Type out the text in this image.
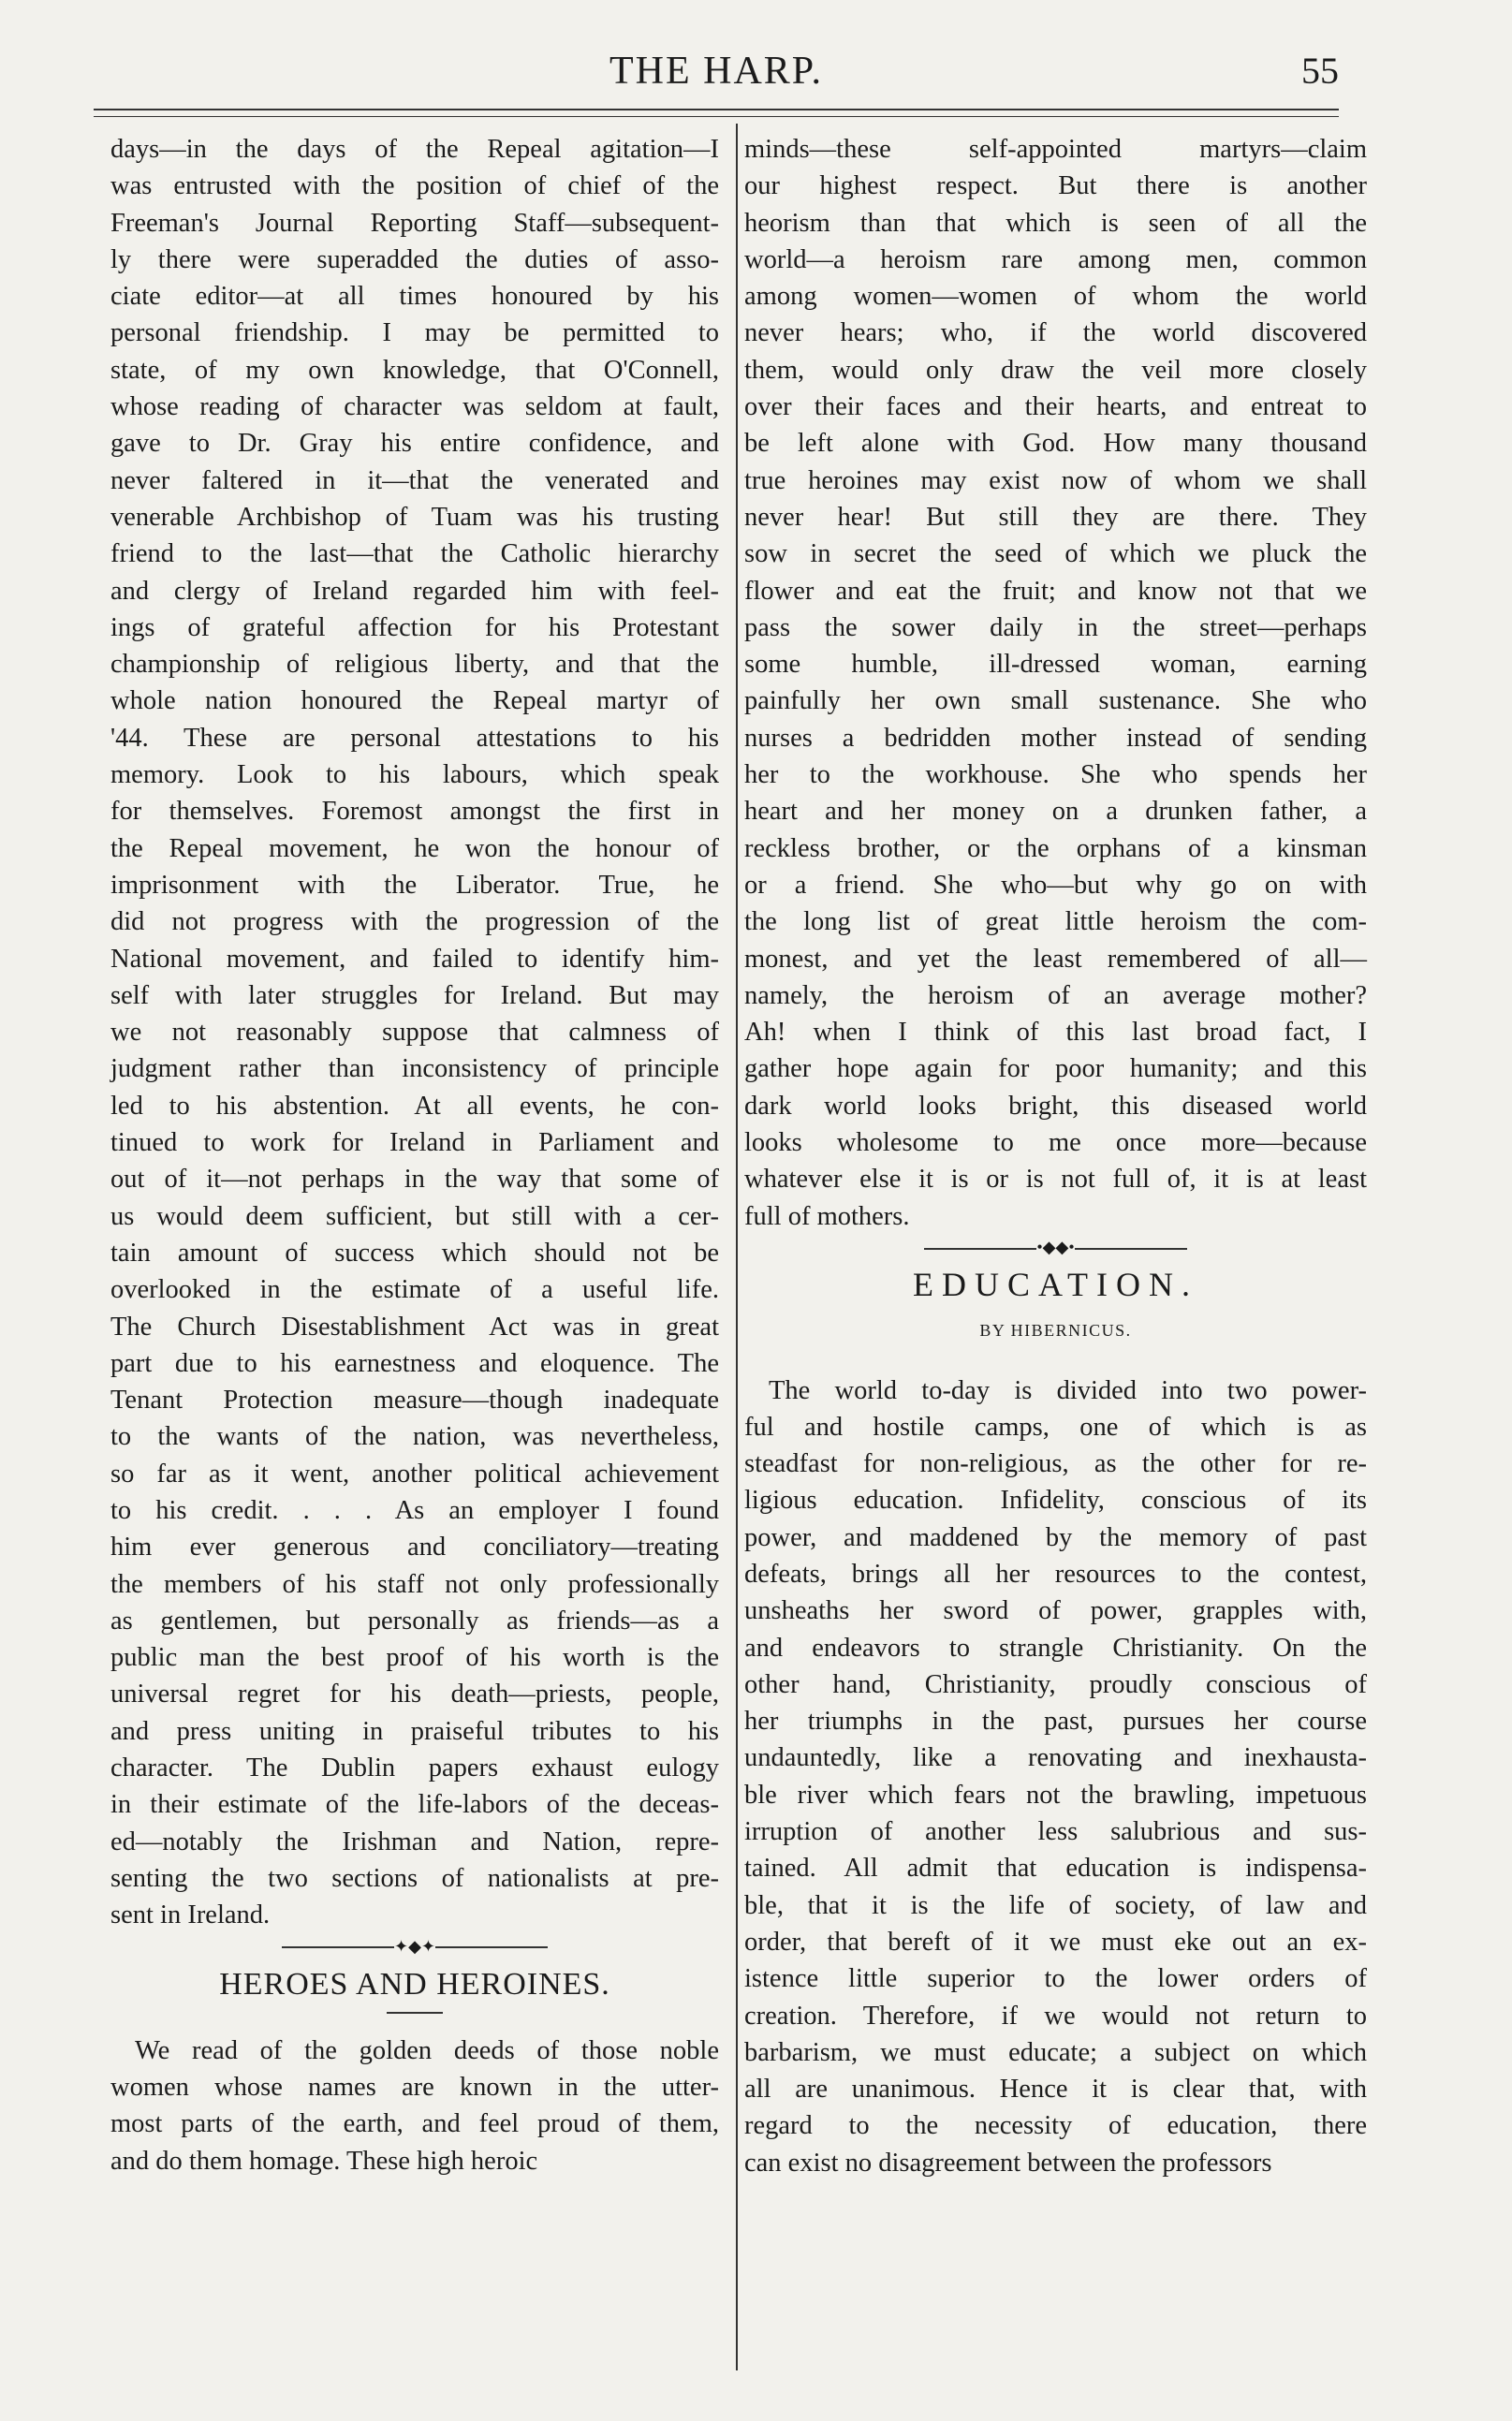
THE HARP.	55
days—in the days of the Repeal agitation—I
was entrusted with the position of chief of the
Freeman's Journal Reporting Staff—subsequent-
ly there were superadded the duties of asso-
ciate editor—at all times honoured by his
personal friendship. I may be permitted to
state, of my own knowledge, that O'Connell,
whose reading of character was seldom at fault,
gave to Dr. Gray his entire confidence, and
never faltered in it—that the venerated and
venerable Archbishop of Tuam was his trusting
friend to the last—that the Catholic hierarchy
and clergy of Ireland regarded him with feel-
ings of grateful affection for his Protestant
championship of religious liberty, and that the
whole nation honoured the Repeal martyr of
'44. These are personal attestations to his
memory. Look to his labours, which speak
for themselves. Foremost amongst the first in
the Repeal movement, he won the honour of
imprisonment with the Liberator. True, he
did not progress with the progression of the
National movement, and failed to identify him-
self with later struggles for Ireland. But may
we not reasonably suppose that calmness of
judgment rather than inconsistency of principle
led to his abstention. At all events, he con-
tinued to work for Ireland in Parliament and
out of it—not perhaps in the way that some of
us would deem sufficient, but still with a cer-
tain amount of success which should not be
overlooked in the estimate of a useful life.
The Church Disestablishment Act was in great
part due to his earnestness and eloquence. The
Tenant Protection measure—though inadequate
to the wants of the nation, was nevertheless,
so far as it went, another political achievement
to his credit. . . . As an employer I found
him ever generous and conciliatory—treating
the members of his staff not only professionally
as gentlemen, but personally as friends—as a
public man the best proof of his worth is the
universal regret for his death—priests, people,
and press uniting in praiseful tributes to his
character. The Dublin papers exhaust eulogy
in their estimate of the life-labors of the deceas-
ed—notably the Irishman and Nation, repre-
senting the two sections of nationalists at pre-
sent in Ireland.
✦◆✦
HEROES AND HEROINES.
We read of the golden deeds of those noble
women whose names are known in the utter-
most parts of the earth, and feel proud of them,
and do them homage. These high heroic
minds—these self-appointed martyrs—claim
our highest respect. But there is another
heorism than that which is seen of all the
world—a heroism rare among men, common
among women—women of whom the world
never hears; who, if the world discovered
them, would only draw the veil more closely
over their faces and their hearts, and entreat to
be left alone with God. How many thousand
true heroines may exist now of whom we shall
never hear! But still they are there. They
sow in secret the seed of which we pluck the
flower and eat the fruit; and know not that we
pass the sower daily in the street—perhaps
some humble, ill-dressed woman, earning
painfully her own small sustenance. She who
nurses a bedridden mother instead of sending
her to the workhouse. She who spends her
heart and her money on a drunken father, a
reckless brother, or the orphans of a kinsman
or a friend. She who—but why go on with
the long list of great little heroism the com-
monest, and yet the least remembered of all—
namely, the heroism of an average mother?
Ah! when I think of this last broad fact, I
gather hope again for poor humanity; and this
dark world looks bright, this diseased world
looks wholesome to me once more—because
whatever else it is or is not full of, it is at least
full of mothers.
•◆◆•
EDUCATION.
BY HIBERNICUS.
The world to-day is divided into two power-
ful and hostile camps, one of which is as
steadfast for non-religious, as the other for re-
ligious education. Infidelity, conscious of its
power, and maddened by the memory of past
defeats, brings all her resources to the contest,
unsheaths her sword of power, grapples with,
and endeavors to strangle Christianity. On the
other hand, Christianity, proudly conscious of
her triumphs in the past, pursues her course
undauntedly, like a renovating and inexhausta-
ble river which fears not the brawling, impetuous
irruption of another less salubrious and sus-
tained. All admit that education is indispensa-
ble, that it is the life of society, of law and
order, that bereft of it we must eke out an ex-
istence little superior to the lower orders of
creation. Therefore, if we would not return to
barbarism, we must educate; a subject on which
all are unanimous. Hence it is clear that, with
regard to the necessity of education, there
can exist no disagreement between the professors
